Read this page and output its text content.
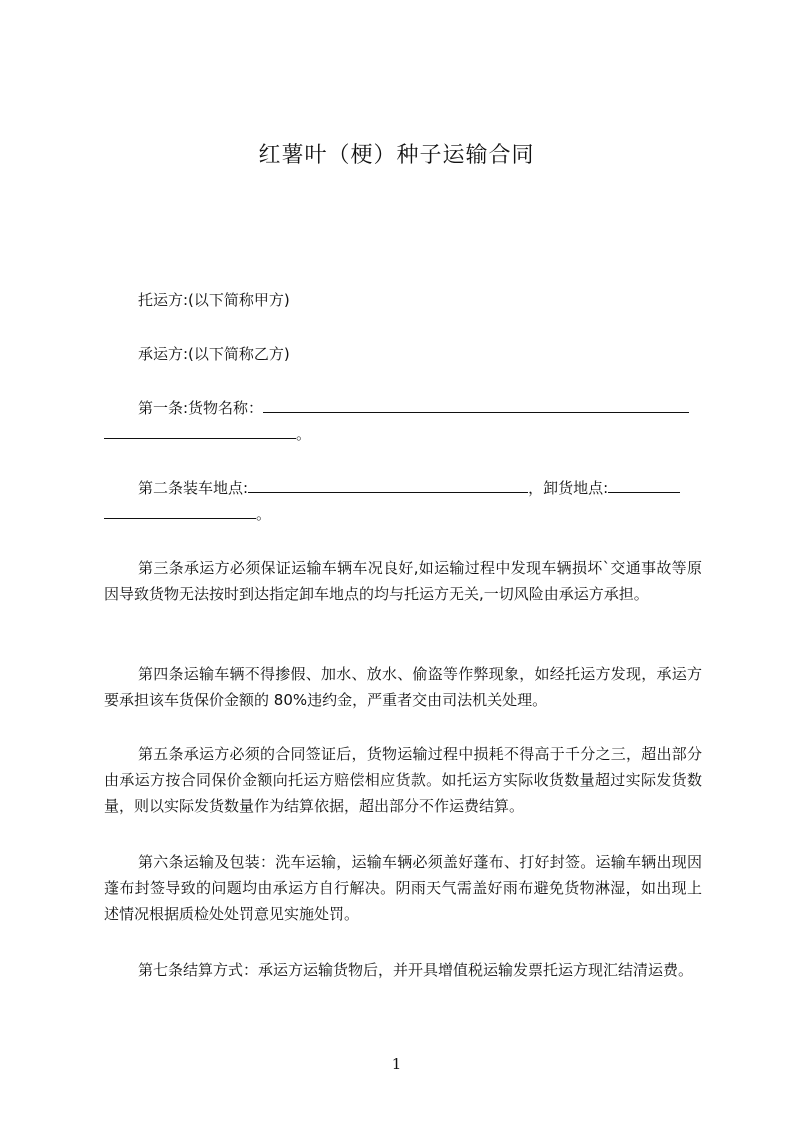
红薯叶（梗）种子运输合同
托运方:(以下简称甲方)
承运方:(以下简称乙方)
第一条:货物名称：
。
第二条装车地点:	，卸货地点:
。
第三条承运方必须保证运输车辆车况良好,如运输过程中发现车辆损坏`交通事故等原因导致货物无法按时到达指定卸车地点的均与托运方无关,一切风险由承运方承担。
第四条运输车辆不得掺假、加水、放水、偷盗等作弊现象，如经托运方发现，承运方要承担该车货保价金额的 80%违约金，严重者交由司法机关处理。
第五条承运方必须的合同签证后，货物运输过程中损耗不得高于千分之三，超出部分由承运方按合同保价金额向托运方赔偿相应货款。如托运方实际收货数量超过实际发货数量，则以实际发货数量作为结算依据，超出部分不作运费结算。
第六条运输及包装：洗车运输，运输车辆必须盖好蓬布、打好封签。运输车辆出现因蓬布封签导致的问题均由承运方自行解决。阴雨天气需盖好雨布避免货物淋湿，如出现上述情况根据质检处处罚意见实施处罚。
第七条结算方式：承运方运输货物后，并开具增值税运输发票托运方现汇结清运费。
1
